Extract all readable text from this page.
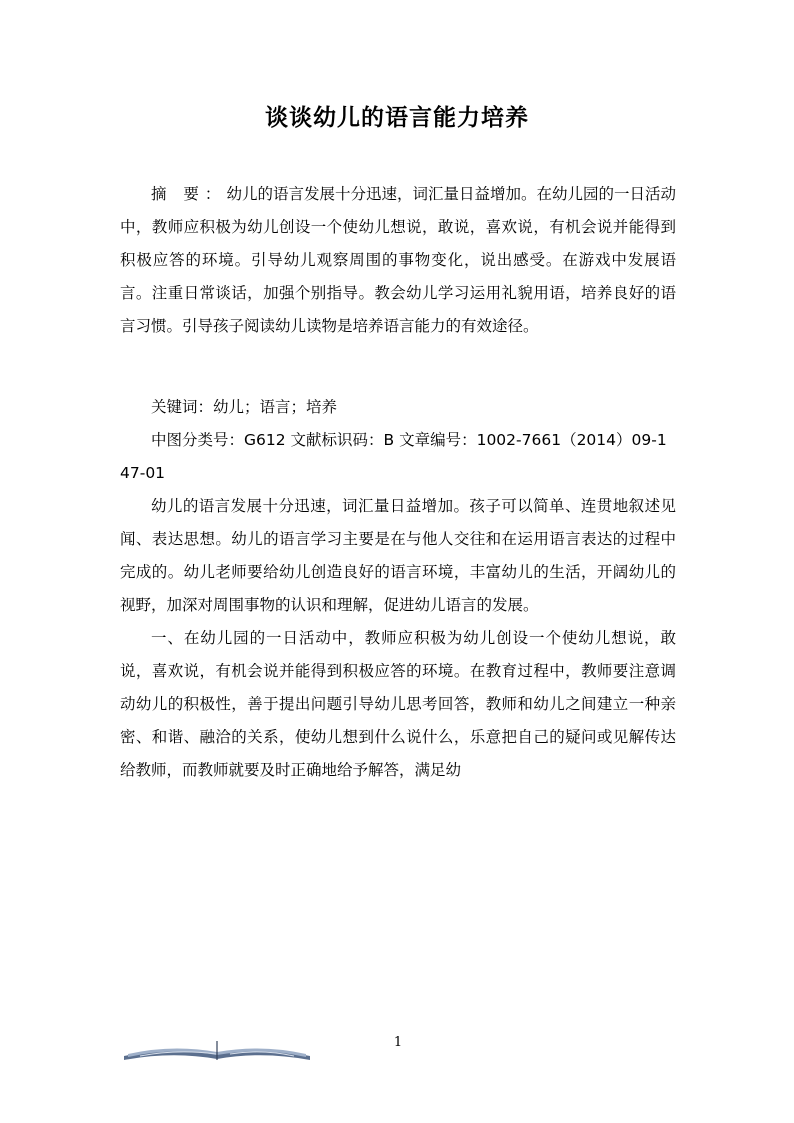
谈谈幼儿的语言能力培养

摘 要：幼儿的语言发展十分迅速，词汇量日益增加。在幼儿园的一日活动中，教师应积极为幼儿创设一个使幼儿想说，敢说，喜欢说，有机会说并能得到积极应答的环境。引导幼儿观察周围的事物变化，说出感受。在游戏中发展语言。注重日常谈话，加强个别指导。教会幼儿学习运用礼貌用语，培养良好的语言习惯。引导孩子阅读幼儿读物是培养语言能力的有效途径。

关键词：幼儿；语言；培养

中图分类号：G612 文献标识码：B 文章编号：1002-7661（2014）09-147-01

幼儿的语言发展十分迅速，词汇量日益增加。孩子可以简单、连贯地叙述见闻、表达思想。幼儿的语言学习主要是在与他人交往和在运用语言表达的过程中完成的。幼儿老师要给幼儿创造良好的语言环境，丰富幼儿的生活，开阔幼儿的视野，加深对周围事物的认识和理解，促进幼儿语言的发展。

一、在幼儿园的一日活动中，教师应积极为幼儿创设一个使幼儿想说，敢说，喜欢说，有机会说并能得到积极应答的环境。在教育过程中，教师要注意调动幼儿的积极性，善于提出问题引导幼儿思考回答，教师和幼儿之间建立一种亲密、和谐、融洽的关系，使幼儿想到什么说什么，乐意把自己的疑问或见解传达给教师，而教师就要及时正确地给予解答，满足幼

1
